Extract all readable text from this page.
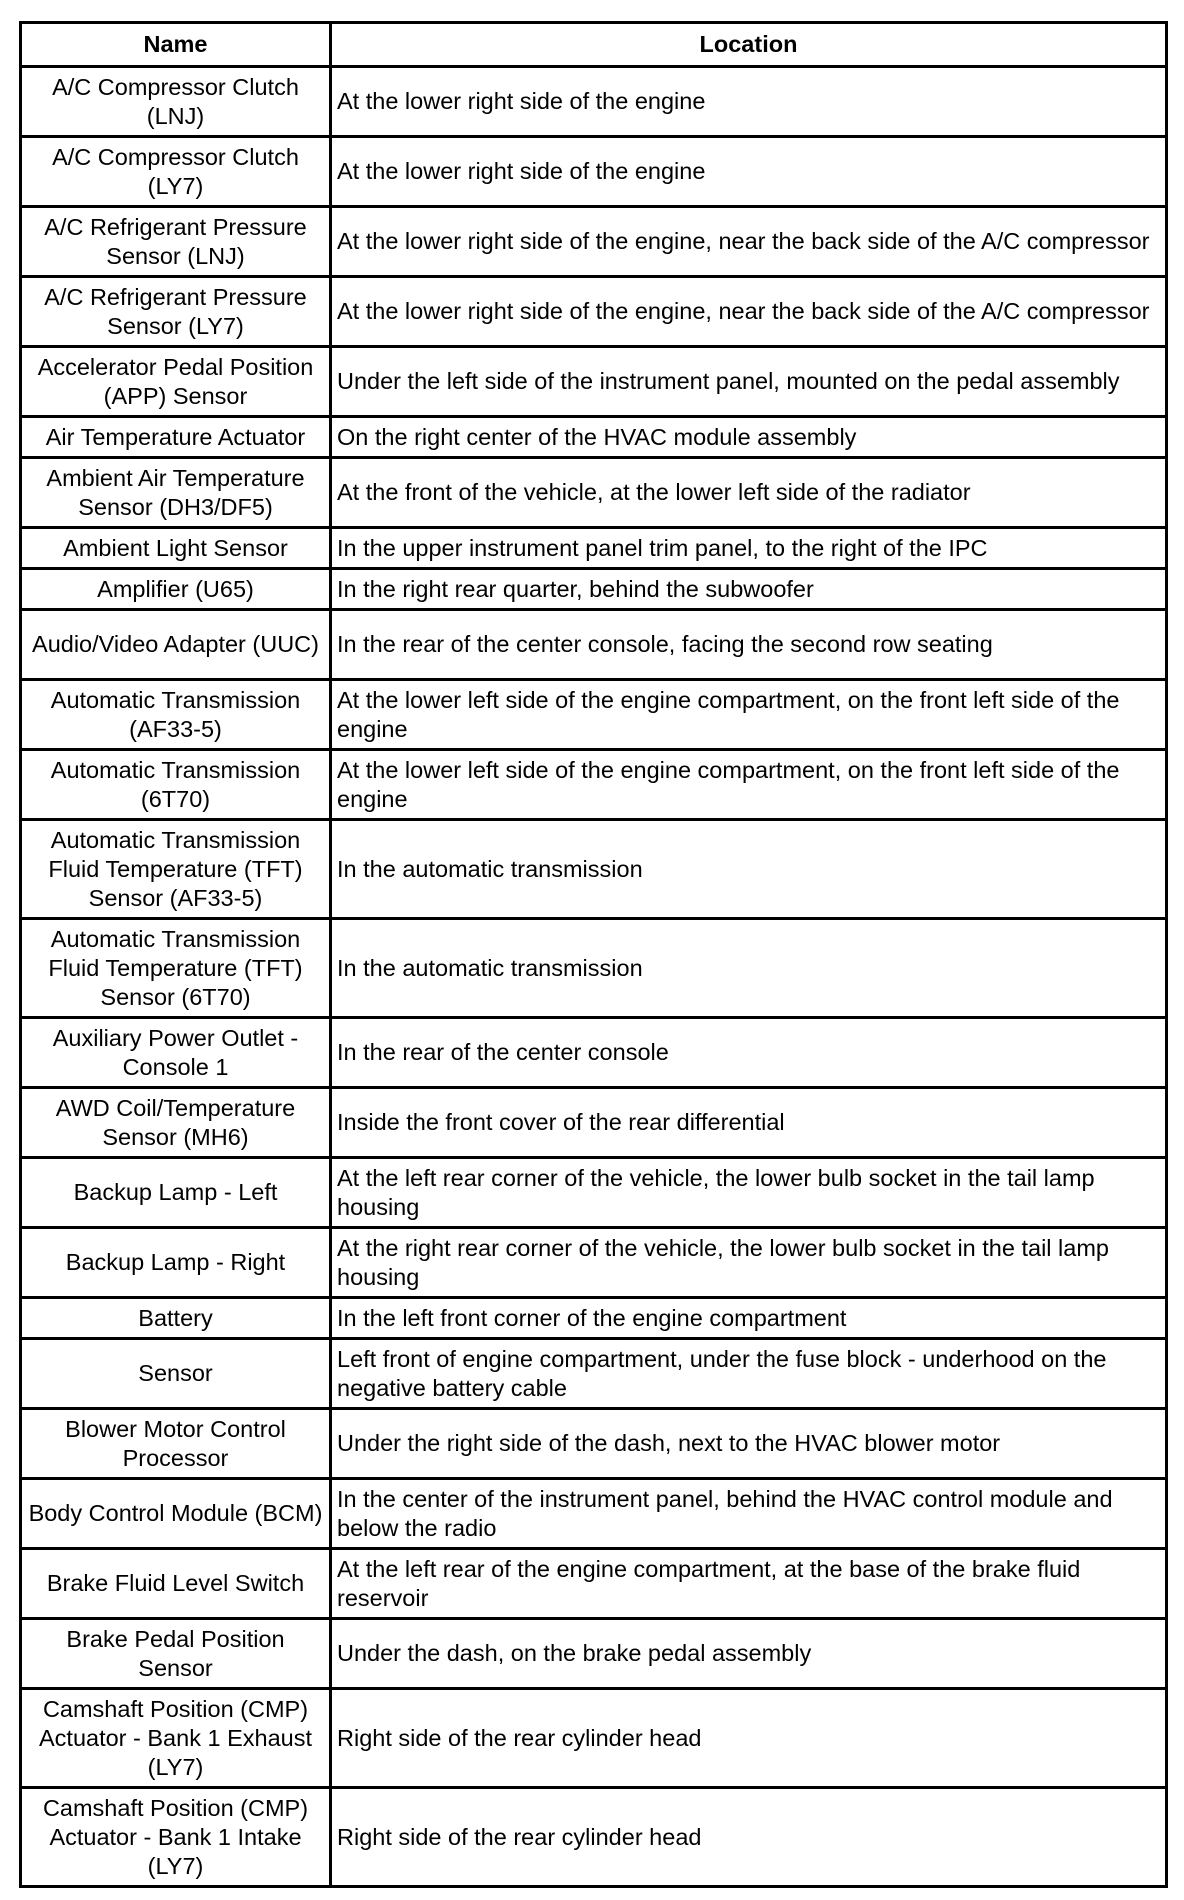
Name	Location
A/C Compressor Clutch (LNJ)	At the lower right side of the engine
A/C Compressor Clutch (LY7)	At the lower right side of the engine
A/C Refrigerant Pressure Sensor (LNJ)	At the lower right side of the engine, near the back side of the A/C compressor
A/C Refrigerant Pressure Sensor (LY7)	At the lower right side of the engine, near the back side of the A/C compressor
Accelerator Pedal Position (APP) Sensor	Under the left side of the instrument panel, mounted on the pedal assembly
Air Temperature Actuator	On the right center of the HVAC module assembly
Ambient Air Temperature Sensor (DH3/DF5)	At the front of the vehicle, at the lower left side of the radiator
Ambient Light Sensor	In the upper instrument panel trim panel, to the right of the IPC
Amplifier (U65)	In the right rear quarter, behind the subwoofer
Audio/Video Adapter (UUC)	In the rear of the center console, facing the second row seating
Automatic Transmission (AF33-5)	At the lower left side of the engine compartment, on the front left side of the engine
Automatic Transmission (6T70)	At the lower left side of the engine compartment, on the front left side of the engine
Automatic Transmission Fluid Temperature (TFT) Sensor (AF33-5)	In the automatic transmission
Automatic Transmission Fluid Temperature (TFT) Sensor (6T70)	In the automatic transmission
Auxiliary Power Outlet - Console 1	In the rear of the center console
AWD Coil/Temperature Sensor (MH6)	Inside the front cover of the rear differential
Backup Lamp - Left	At the left rear corner of the vehicle, the lower bulb socket in the tail lamp housing
Backup Lamp - Right	At the right rear corner of the vehicle, the lower bulb socket in the tail lamp housing
Battery	In the left front corner of the engine compartment
Sensor	Left front of engine compartment, under the fuse block - underhood on the negative battery cable
Blower Motor Control Processor	Under the right side of the dash, next to the HVAC blower motor
Body Control Module (BCM)	In the center of the instrument panel, behind the HVAC control module and below the radio
Brake Fluid Level Switch	At the left rear of the engine compartment, at the base of the brake fluid reservoir
Brake Pedal Position Sensor	Under the dash, on the brake pedal assembly
Camshaft Position (CMP) Actuator - Bank 1 Exhaust (LY7)	Right side of the rear cylinder head
Camshaft Position (CMP) Actuator - Bank 1 Intake (LY7)	Right side of the rear cylinder head
